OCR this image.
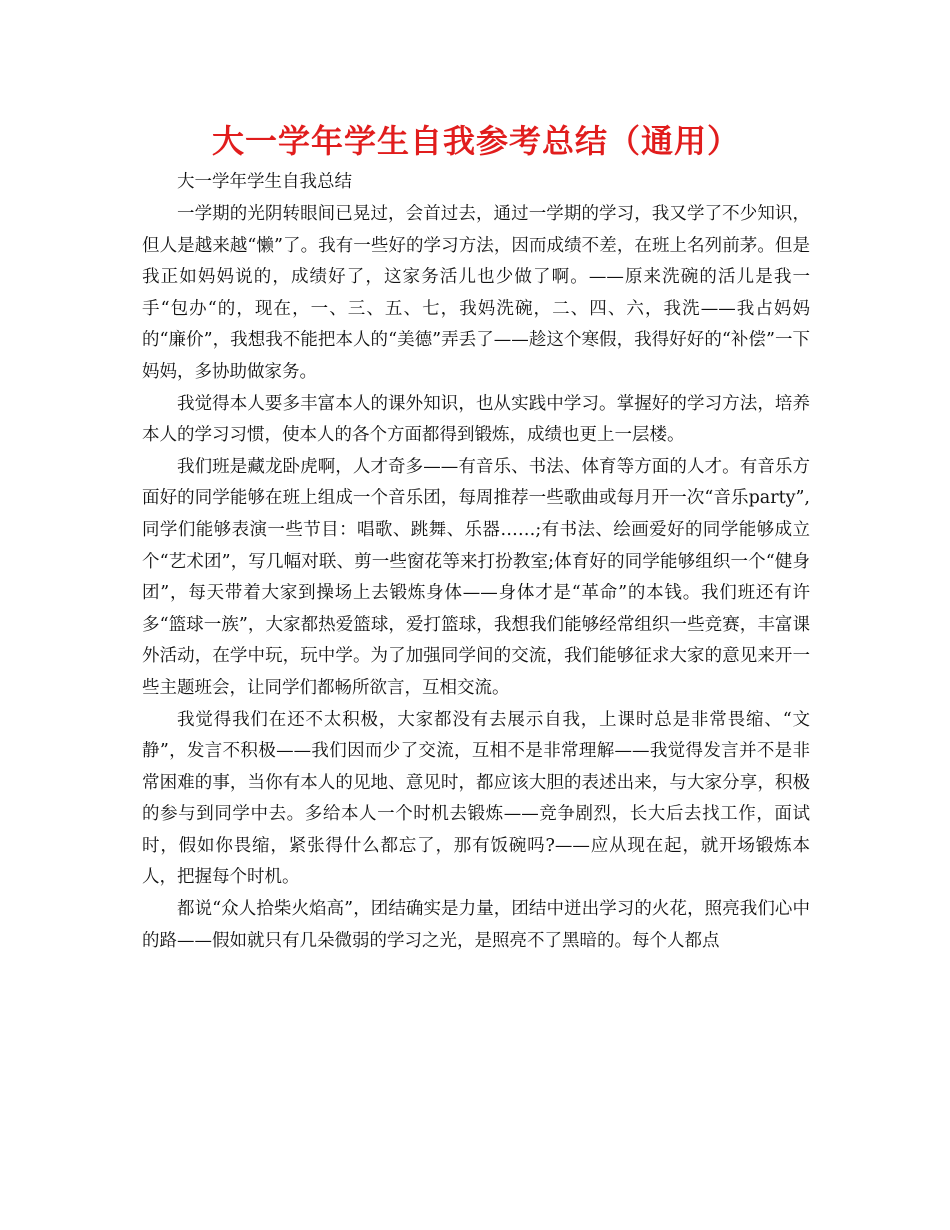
大一学年学生自我参考总结（通用）

大一学年学生自我总结

一学期的光阴转眼间已晃过，会首过去，通过一学期的学习，我又学了不少知识，但人是越来越“懒”了。我有一些好的学习方法，因而成绩不差，在班上名列前茅。但是我正如妈妈说的，成绩好了，这家务活儿也少做了啊。——原来洗碗的活儿是我一手“包办“的，现在，一、三、五、七，我妈洗碗，二、四、六，我洗——我占妈妈的“廉价”，我想我不能把本人的“美德”弄丢了——趁这个寒假，我得好好的“补偿”一下妈妈，多协助做家务。

我觉得本人要多丰富本人的课外知识，也从实践中学习。掌握好的学习方法，培养本人的学习习惯，使本人的各个方面都得到锻炼，成绩也更上一层楼。

我们班是藏龙卧虎啊，人才奇多——有音乐、书法、体育等方面的人才。有音乐方面好的同学能够在班上组成一个音乐团，每周推荐一些歌曲或每月开一次“音乐party”,同学们能够表演一些节目：唱歌、跳舞、乐器……;有书法、绘画爱好的同学能够成立个“艺术团”，写几幅对联、剪一些窗花等来打扮教室;体育好的同学能够组织一个“健身团”，每天带着大家到操场上去锻炼身体——身体才是“革命”的本钱。我们班还有许多“篮球一族”，大家都热爱篮球，爱打篮球，我想我们能够经常组织一些竞赛，丰富课外活动，在学中玩，玩中学。为了加强同学间的交流，我们能够征求大家的意见来开一些主题班会，让同学们都畅所欲言，互相交流。

我觉得我们在还不太积极，大家都没有去展示自我，上课时总是非常畏缩、“文静”，发言不积极——我们因而少了交流，互相不是非常理解——我觉得发言并不是非常困难的事，当你有本人的见地、意见时，都应该大胆的表述出来，与大家分享，积极的参与到同学中去。多给本人一个时机去锻炼——竞争剧烈，长大后去找工作，面试时，假如你畏缩，紧张得什么都忘了，那有饭碗吗?——应从现在起，就开场锻炼本人，把握每个时机。

都说“众人拾柴火焰高”，团结确实是力量，团结中迸出学习的火花，照亮我们心中的路——假如就只有几朵微弱的学习之光，是照亮不了黑暗的。每个人都点
